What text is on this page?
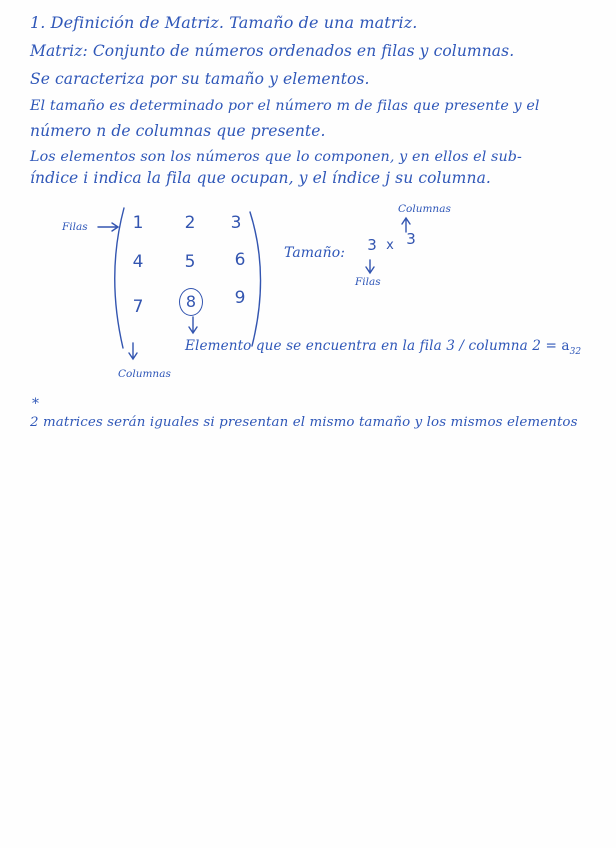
1. Definición de Matriz. Tamaño de una matriz.
Matriz: Conjunto de números ordenados en filas y columnas.
Se caracteriza por su tamaño y elementos.
El tamaño es determinado por el número m de filas que presente y el
número n de columnas que presente.
Los elementos son los números que lo componen, y en ellos el sub-
índice i indica la fila que ocupan, y el índice j su columna.
Filas
Columnas
1 2 3
4 5 6
7	8	9
Tamaño:	3 x 3
Filas
Columnas
Elemento que se encuentra en la fila 3 / columna $2 = a_{32}$
*
2 matrices serán iguales si presentan el mismo tamaño y los mismos elementos
